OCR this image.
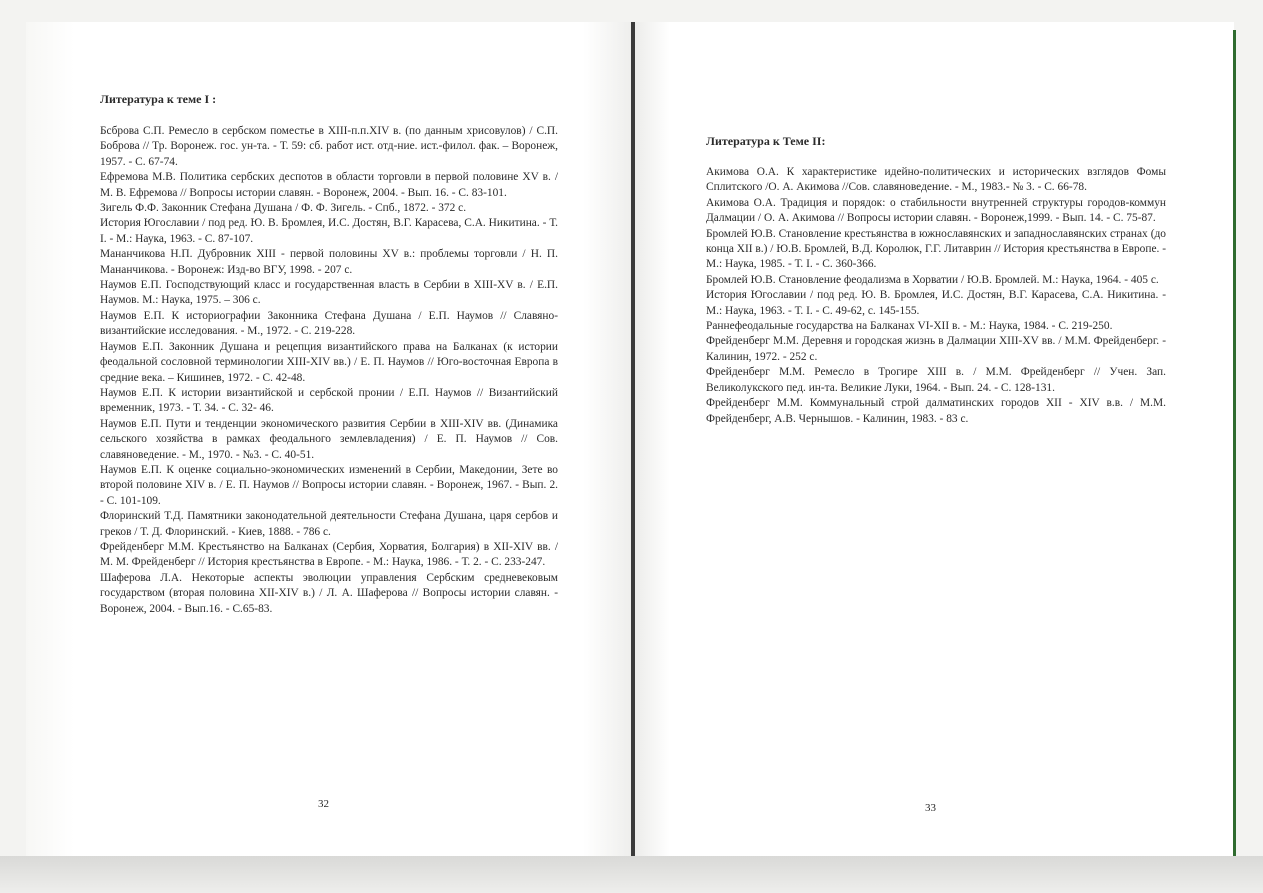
Литература к теме I :

Бcброва С.П. Ремесло в сербском поместье в XIII-п.п.XIV в. (по данным хрисовулов) / С.П. Боброва // Тр. Воронеж. гос. ун-та. - Т. 59: сб. работ ист. отд-ние. ист.-филол. фак. – Воронеж, 1957. - С. 67-74.

Ефремова М.В. Политика сербских деспотов в области торговли в первой половине XV в. / М. В. Ефремова // Вопросы истории славян. - Воронеж, 2004. - Вып. 16. - С. 83-101.

Зигель Ф.Ф. Законник Стефана Душана / Ф. Ф. Зигель. - Спб., 1872. - 372 с.

История Югославии / под ред. Ю. В. Бромлея, И.С. Достян, В.Г. Карасева, С.А. Никитина. - Т. I. - М.: Наука, 1963. - С. 87-107.

Мананчикова Н.П. Дубровник XIII - первой половины XV в.: проблемы торговли / Н. П. Мананчикова. - Воронеж: Изд-во ВГУ, 1998. - 207 с.

Наумов Е.П. Господствующий класс и государственная власть в Сербии в XIII-XV в. / Е.П. Наумов. М.: Наука, 1975. – 306 с.

Наумов Е.П. К историографии Законника Стефана Душана / Е.П. Наумов // Славяно-византийские исследования. - М., 1972. - С. 219-228.

Наумов Е.П. Законник Душана и рецепция византийского права на Балканах (к истории феодальной сословной терминологии XIII-XIV вв.) / Е. П. Наумов // Юго-восточная Европа в средние века. – Кишинев, 1972. - С. 42-48.

Наумов Е.П. К истории византийской и сербской пронии / Е.П. Наумов // Византийский временник, 1973. - Т. 34. - С. 32- 46.

Наумов Е.П. Пути и тенденции экономического развития Сербии в XIII-XIV вв. (Динамика сельского хозяйства в рамках феодального землевладения) / Е. П. Наумов // Сов. славяноведение. - М., 1970. - №3. - С. 40-51.

Наумов Е.П. К оценке социально-экономических изменений в Сербии, Македонии, Зете во второй половине XIV в. / Е. П. Наумов // Вопросы истории славян. - Воронеж, 1967. - Вып. 2. - С. 101-109.

Флоринский Т.Д. Памятники законодательной деятельности Стефана Душана, царя сербов и греков / Т. Д. Флоринский. - Киев, 1888. - 786 с.

Фрейденберг М.М. Крестьянство на Балканах (Сербия, Хорватия, Болгария) в XII-XIV вв. / М. М. Фрейденберг // История крестьянства в Европе. - М.: Наука, 1986. - Т. 2. - С. 233-247.

Шаферова Л.А. Некоторые аспекты эволюции управления Сербским средневековым государством (вторая половина XII-XIV в.) / Л. А. Шаферова // Вопросы истории славян. - Воронеж, 2004. - Вып.16. - С.65-83.

32
Литература к Теме II:

Акимова О.А. К характеристике идейно-политических и исторических взглядов Фомы Сплитского /О. А. Акимова //Сов. славяноведение. - М., 1983.- № 3. - С. 66-78.

Акимова О.А. Традиция и порядок: о стабильности внутренней структуры городов-коммун Далмации / О. А. Акимова // Вопросы истории славян. - Воронеж,1999. - Вып. 14. - С. 75-87.

Бромлей Ю.В. Становление крестьянства в южнославянских и западнославянских странах (до конца XII в.) / Ю.В. Бромлей, В.Д. Королюк, Г.Г. Литаврин // История крестьянства в Европе. - М.: Наука, 1985. - Т. I. - С. 360-366.

Бромлей Ю.В. Становление феодализма в Хорватии / Ю.В. Бромлей. М.: Наука, 1964. - 405 с.

История Югославии / под ред. Ю. В. Бромлея, И.С. Достян, В.Г. Карасева, С.А. Никитина. - М.: Наука, 1963. - Т. I. - С. 49-62, с. 145-155.

Раннефеодальные государства на Балканах VI-XII в. - М.: Наука, 1984. - С. 219-250.

Фрейденберг М.М. Деревня и городская жизнь в Далмации XIII-XV вв. / М.М. Фрейденберг. - Калинин, 1972. - 252 с.

Фрейденберг М.М. Ремесло в Трогире XIII в. / М.М. Фрейденберг // Учен. Зап. Великолукского пед. ин-та. Великие Луки, 1964. - Вып. 24. - С. 128-131.

Фрейденберг М.М. Коммунальный строй далматинских городов XII - XIV в.в. / М.М. Фрейденберг, А.В. Чернышов. - Калинин, 1983. - 83 с.

33
